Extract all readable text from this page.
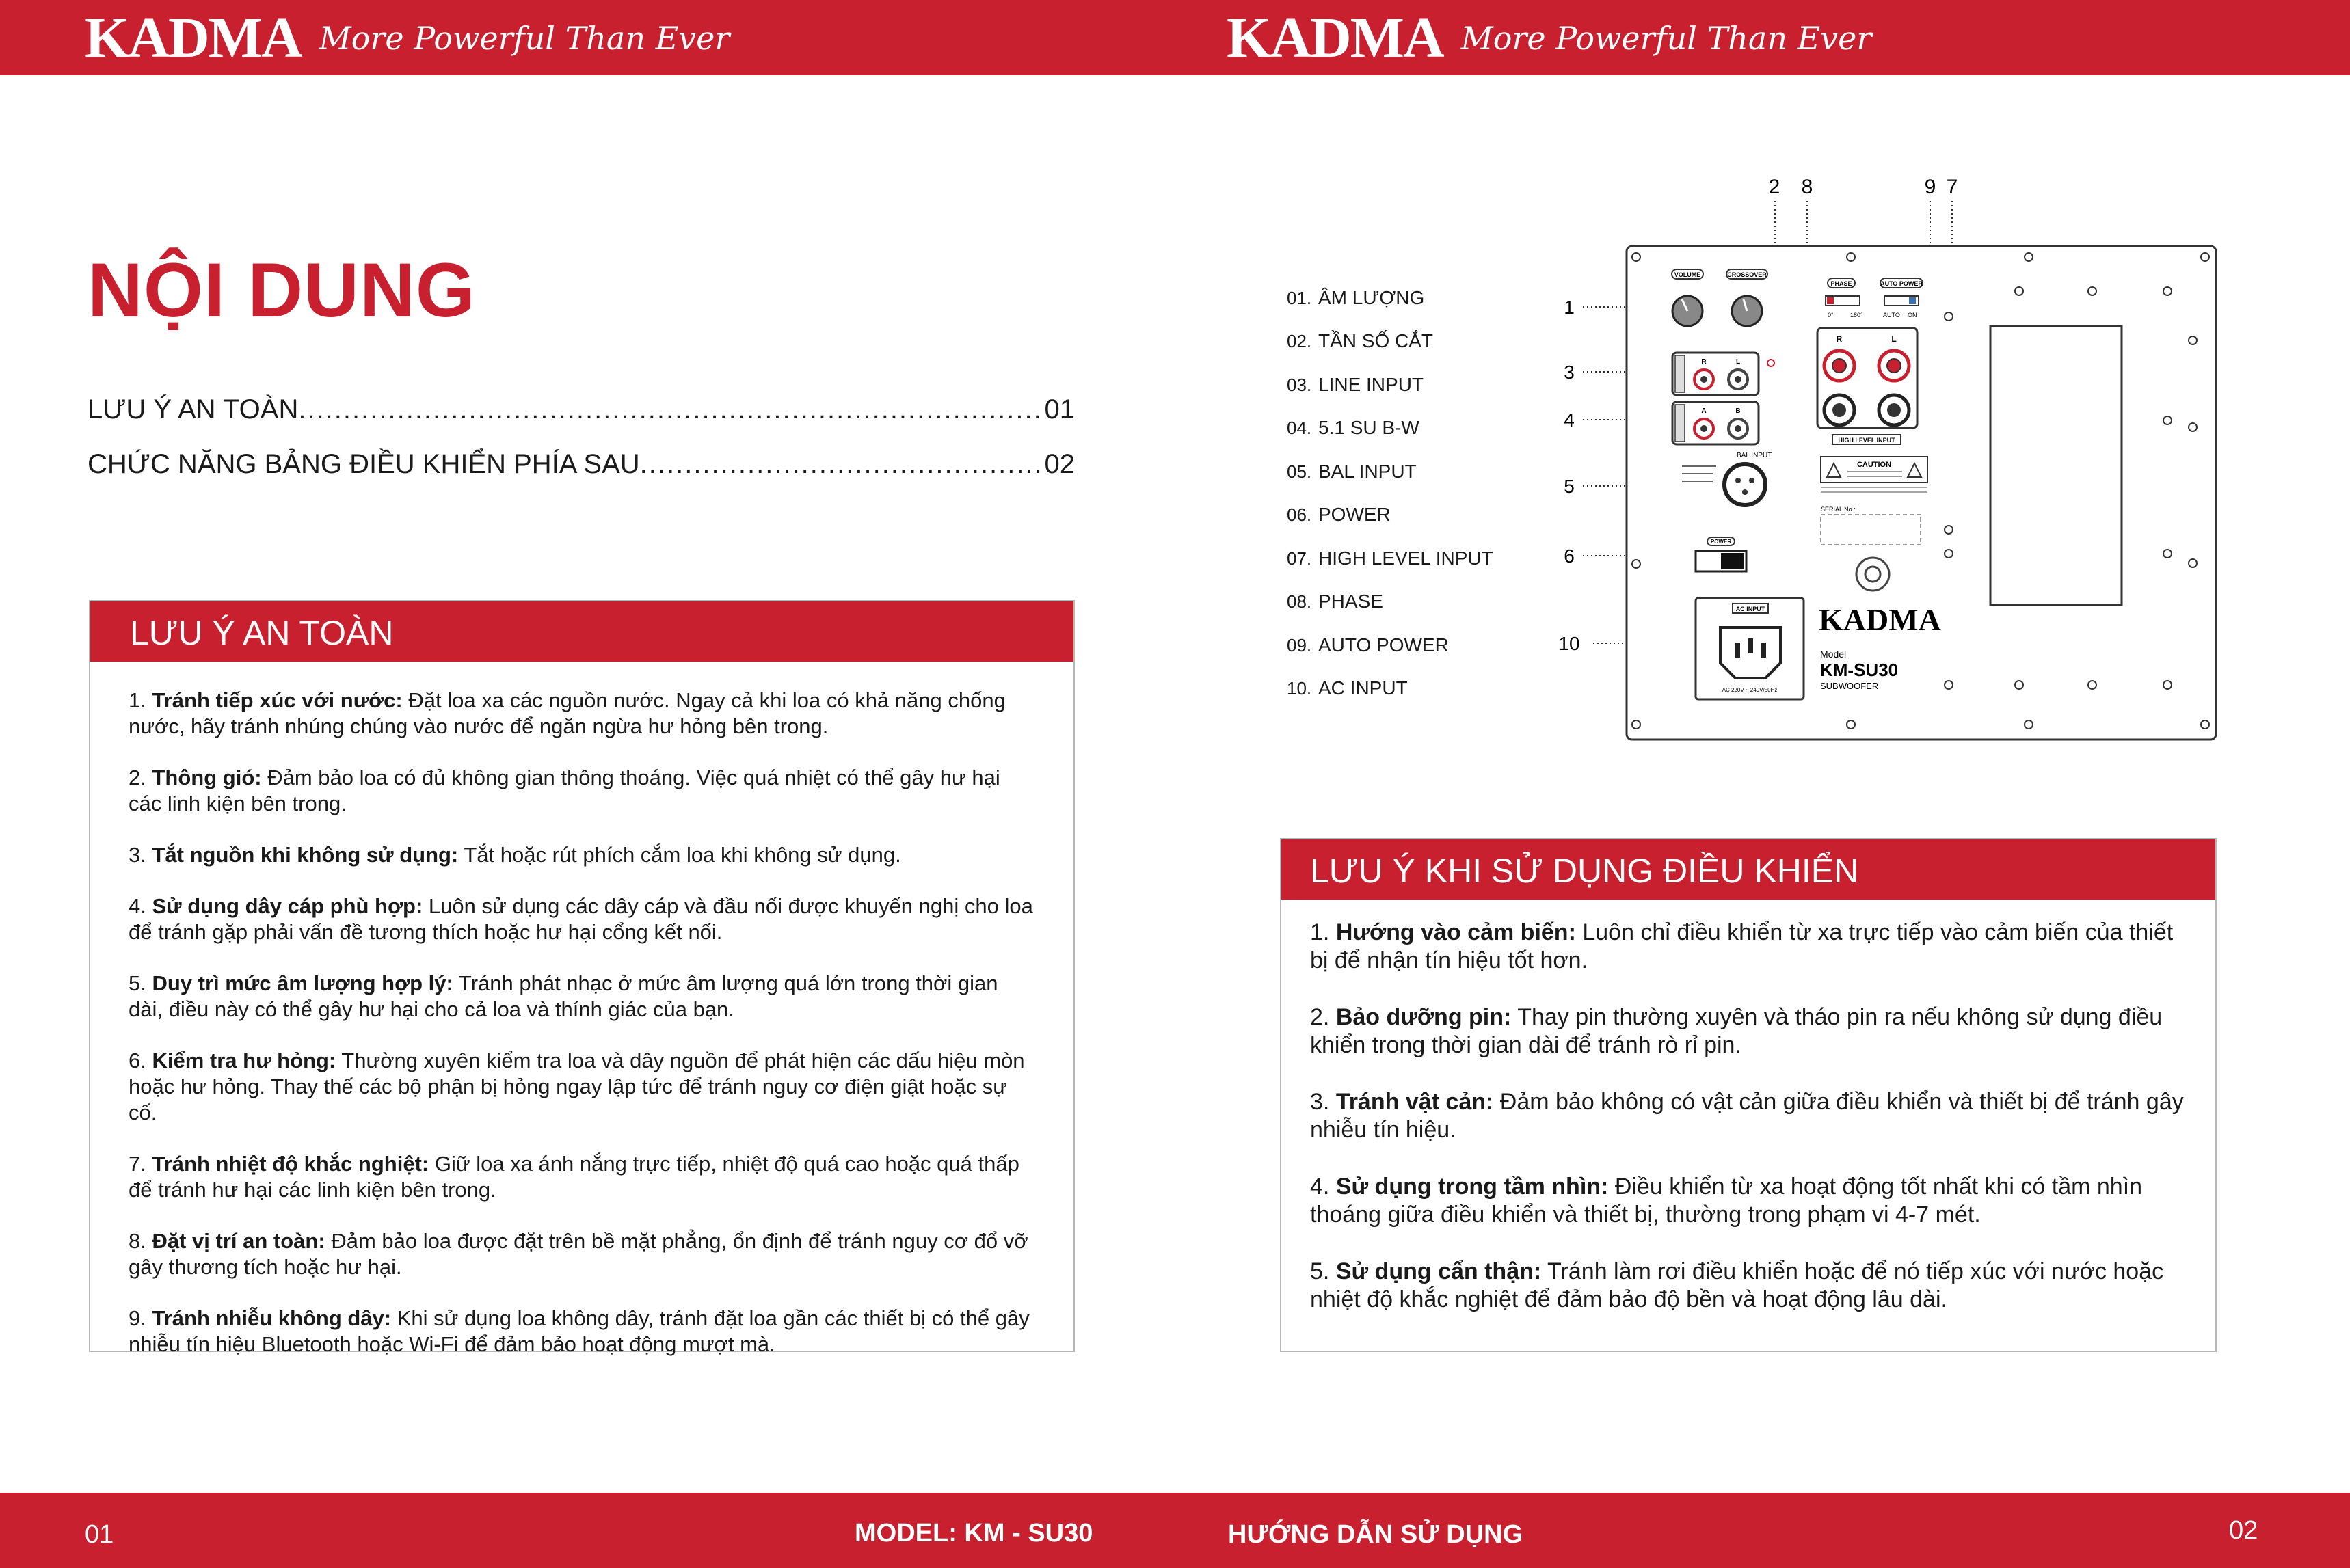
KADMA More Powerful Than Ever	KADMA More Powerful Than Ever
NỘI DUNG
LƯU Ý AN TOÀN .....	01
CHỨC NĂNG BẢNG ĐIỀU KHIỂN PHÍA SAU .....	02
LƯU Ý AN TOÀN
1. Tránh tiếp xúc với nước: Đặt loa xa các nguồn nước. Ngay cả khi loa có khả năng chống nước, hãy tránh nhúng chúng vào nước để ngăn ngừa hư hỏng bên trong.
2. Thông gió: Đảm bảo loa có đủ không gian thông thoáng. Việc quá nhiệt có thể gây hư hại các linh kiện bên trong.
3. Tắt nguồn khi không sử dụng: Tắt hoặc rút phích cắm loa khi không sử dụng.
4. Sử dụng dây cáp phù hợp: Luôn sử dụng các dây cáp và đầu nối được khuyến nghị cho loa để tránh gặp phải vấn đề tương thích hoặc hư hại cổng kết nối.
5. Duy trì mức âm lượng hợp lý: Tránh phát nhạc ở mức âm lượng quá lớn trong thời gian dài, điều này có thể gây hư hại cho cả loa và thính giác của bạn.
6. Kiểm tra hư hỏng: Thường xuyên kiểm tra loa và dây nguồn để phát hiện các dấu hiệu mòn hoặc hư hỏng. Thay thế các bộ phận bị hỏng ngay lập tức để tránh nguy cơ điện giật hoặc sự cố.
7. Tránh nhiệt độ khắc nghiệt: Giữ loa xa ánh nắng trực tiếp, nhiệt độ quá cao hoặc quá thấp để tránh hư hại các linh kiện bên trong.
8. Đặt vị trí an toàn: Đảm bảo loa được đặt trên bề mặt phẳng, ổn định để tránh nguy cơ đổ vỡ gây thương tích hoặc hư hại.
9. Tránh nhiễu không dây: Khi sử dụng loa không dây, tránh đặt loa gần các thiết bị có thể gây nhiễu tín hiệu Bluetooth hoặc Wi-Fi để đảm bảo hoạt động mượt mà.
01. ÂM LƯỢNG
02. TẦN SỐ CẮT
03. LINE INPUT
04. 5.1 SU B-W
05. BAL INPUT
06. POWER
07. HIGH LEVEL INPUT
08. PHASE
09. AUTO POWER
10. AC INPUT
2 8	9 7
1
3
4
5
6
10
VOLUME	CROSSOVER
PHASE	AUTO POWER
0°	180°	AUTO ON
R	L
A	B
R	L
HIGH LEVEL INPUT
BAL INPUT
CAUTION
SERIAL No :
POWER
AC INPUT
AC 220V ~ 240V/50Hz
KADMA
Model
KM-SU30
SUBWOOFER
LƯU Ý KHI SỬ DỤNG ĐIỀU KHIỂN
1. Hướng vào cảm biến: Luôn chỉ điều khiển từ xa trực tiếp vào cảm biến của thiết bị để nhận tín hiệu tốt hơn.
2. Bảo dưỡng pin: Thay pin thường xuyên và tháo pin ra nếu không sử dụng điều khiển trong thời gian dài để tránh rò rỉ pin.
3. Tránh vật cản: Đảm bảo không có vật cản giữa điều khiển và thiết bị để tránh gây nhiễu tín hiệu.
4. Sử dụng trong tầm nhìn: Điều khiển từ xa hoạt động tốt nhất khi có tầm nhìn thoáng giữa điều khiển và thiết bị, thường trong phạm vi 4-7 mét.
5. Sử dụng cẩn thận: Tránh làm rơi điều khiển hoặc để nó tiếp xúc với nước hoặc nhiệt độ khắc nghiệt để đảm bảo độ bền và hoạt động lâu dài.
01	MODEL: KM - SU30	HƯỚNG DẪN SỬ DỤNG	02
